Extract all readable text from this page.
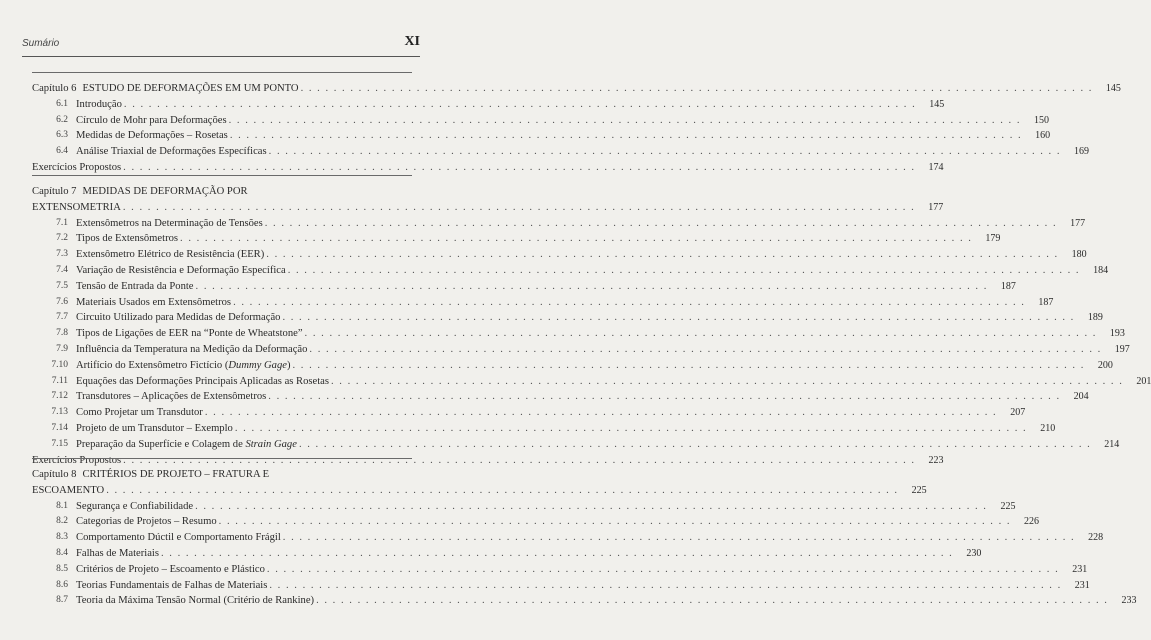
Sumário	XI
Capítulo 6 ESTUDO DE DEFORMAÇÕES EM UM PONTO . . . . . . . . . . . . . . . . . . . . . . . . . . . . . . . . . . . . . . . . . . . . . . . . . . . . . . . . . . . . . . . . . . . . . . . . . . . . . . . . . . . . . . . . . . . . . . . .	145
6.1 Introdução . . . . . . . . . . . . . . . . . . . . . . . . . . . . . . . . . . . . . . . . . . . . . . . . . . . . . . . . . . . . . . . . . . . . . . . . . . . . . . . . . . . . . . . . . . . . . . . .	145
6.2 Círculo de Mohr para Deformações . . . . . . . . . . . . . . . . . . . . . . . . . . . . . . . . . . . . . . . . . . . . . . . . . . . . . . . . . . . . . . . . . . . . . . . . . . . . . . . . . . . . . . . . . . . . . . . .	150
6.3 Medidas de Deformações – Rosetas . . . . . . . . . . . . . . . . . . . . . . . . . . . . . . . . . . . . . . . . . . . . . . . . . . . . . . . . . . . . . . . . . . . . . . . . . . . . . . . . . . . . . . . . . . . . . . . .	160
6.4 Análise Triaxial de Deformações Específicas . . . . . . . . . . . . . . . . . . . . . . . . . . . . . . . . . . . . . . . . . . . . . . . . . . . . . . . . . . . . . . . . . . . . . . . . . . . . . . . . . . . . . . . . . . . . . . . .	169
Exercícios Propostos . . . . . . . . . . . . . . . . . . . . . . . . . . . . . . . . . . . . . . . . . . . . . . . . . . . . . . . . . . . . . . . . . . . . . . . . . . . . . . . . . . . . . . . . . . . . . . . .	174
Capítulo 7 MEDIDAS DE DEFORMAÇÃO POR
EXTENSOMETRIA . . . . . . . . . . . . . . . . . . . . . . . . . . . . . . . . . . . . . . . . . . . . . . . . . . . . . . . . . . . . . . . . . . . . . . . . . . . . . . . . . . . . . . . . . . . . . . . .	177
7.1 Extensômetros na Determinação de Tensões . . . . . . . . . . . . . . . . . . . . . . . . . . . . . . . . . . . . . . . . . . . . . . . . . . . . . . . . . . . . . . . . . . . . . . . . . . . . . . . . . . . . . . . . . . . . . . . .	177
7.2 Tipos de Extensômetros . . . . . . . . . . . . . . . . . . . . . . . . . . . . . . . . . . . . . . . . . . . . . . . . . . . . . . . . . . . . . . . . . . . . . . . . . . . . . . . . . . . . . . . . . . . . . . . .	179
7.3 Extensômetro Elétrico de Resistência (EER) . . . . . . . . . . . . . . . . . . . . . . . . . . . . . . . . . . . . . . . . . . . . . . . . . . . . . . . . . . . . . . . . . . . . . . . . . . . . . . . . . . . . . . . . . . . . . . . .	180
7.4 Variação de Resistência e Deformação Específica . . . . . . . . . . . . . . . . . . . . . . . . . . . . . . . . . . . . . . . . . . . . . . . . . . . . . . . . . . . . . . . . . . . . . . . . . . . . . . . . . . . . . . . . . . . . . . . .	184
7.5 Tensão de Entrada da Ponte . . . . . . . . . . . . . . . . . . . . . . . . . . . . . . . . . . . . . . . . . . . . . . . . . . . . . . . . . . . . . . . . . . . . . . . . . . . . . . . . . . . . . . . . . . . . . . . .	187
7.6 Materiais Usados em Extensômetros . . . . . . . . . . . . . . . . . . . . . . . . . . . . . . . . . . . . . . . . . . . . . . . . . . . . . . . . . . . . . . . . . . . . . . . . . . . . . . . . . . . . . . . . . . . . . . . .	187
7.7 Circuito Utilizado para Medidas de Deformação . . . . . . . . . . . . . . . . . . . . . . . . . . . . . . . . . . . . . . . . . . . . . . . . . . . . . . . . . . . . . . . . . . . . . . . . . . . . . . . . . . . . . . . . . . . . . . . .	189
7.8 Tipos de Ligações de EER na “Ponte de Wheatstone” . . . . . . . . . . . . . . . . . . . . . . . . . . . . . . . . . . . . . . . . . . . . . . . . . . . . . . . . . . . . . . . . . . . . . . . . . . . . . . . . . . . . . . . . . . . . . . . .	193
7.9 Influência da Temperatura na Medição da Deformação . . . . . . . . . . . . . . . . . . . . . . . . . . . . . . . . . . . . . . . . . . . . . . . . . . . . . . . . . . . . . . . . . . . . . . . . . . . . . . . . . . . . . . . . . . . . . . . .	197
7.10 Artifício do Extensômetro Fictício (Dummy Gage) . . . . . . . . . . . . . . . . . . . . . . . . . . . . . . . . . . . . . . . . . . . . . . . . . . . . . . . . . . . . . . . . . . . . . . . . . . . . . . . . . . . . . . . . . . . . . . . .	200
7.11 Equações das Deformações Principais Aplicadas as Rosetas . . . . . . . . . . . . . . . . . . . . . . . . . . . . . . . . . . . . . . . . . . . . . . . . . . . . . . . . . . . . . . . . . . . . . . . . . . . . . . . . . . . . . . . . . . . . . . . .	201
7.12 Transdutores – Aplicações de Extensômetros . . . . . . . . . . . . . . . . . . . . . . . . . . . . . . . . . . . . . . . . . . . . . . . . . . . . . . . . . . . . . . . . . . . . . . . . . . . . . . . . . . . . . . . . . . . . . . . .	204
7.13 Como Projetar um Transdutor . . . . . . . . . . . . . . . . . . . . . . . . . . . . . . . . . . . . . . . . . . . . . . . . . . . . . . . . . . . . . . . . . . . . . . . . . . . . . . . . . . . . . . . . . . . . . . . .	207
7.14 Projeto de um Transdutor – Exemplo . . . . . . . . . . . . . . . . . . . . . . . . . . . . . . . . . . . . . . . . . . . . . . . . . . . . . . . . . . . . . . . . . . . . . . . . . . . . . . . . . . . . . . . . . . . . . . . .	210
7.15 Preparação da Superfície e Colagem de Strain Gage . . . . . . . . . . . . . . . . . . . . . . . . . . . . . . . . . . . . . . . . . . . . . . . . . . . . . . . . . . . . . . . . . . . . . . . . . . . . . . . . . . . . . . . . . . . . . . . .	214
Exercícios Propostos . . . . . . . . . . . . . . . . . . . . . . . . . . . . . . . . . . . . . . . . . . . . . . . . . . . . . . . . . . . . . . . . . . . . . . . . . . . . . . . . . . . . . . . . . . . . . . . .	223
Capítulo 8 CRITÉRIOS DE PROJETO – FRATURA E
ESCOAMENTO . . . . . . . . . . . . . . . . . . . . . . . . . . . . . . . . . . . . . . . . . . . . . . . . . . . . . . . . . . . . . . . . . . . . . . . . . . . . . . . . . . . . . . . . . . . . . . . .	225
8.1 Segurança e Confiabilidade . . . . . . . . . . . . . . . . . . . . . . . . . . . . . . . . . . . . . . . . . . . . . . . . . . . . . . . . . . . . . . . . . . . . . . . . . . . . . . . . . . . . . . . . . . . . . . . .	225
8.2 Categorias de Projetos – Resumo . . . . . . . . . . . . . . . . . . . . . . . . . . . . . . . . . . . . . . . . . . . . . . . . . . . . . . . . . . . . . . . . . . . . . . . . . . . . . . . . . . . . . . . . . . . . . . . .	226
8.3 Comportamento Dúctil e Comportamento Frágil . . . . . . . . . . . . . . . . . . . . . . . . . . . . . . . . . . . . . . . . . . . . . . . . . . . . . . . . . . . . . . . . . . . . . . . . . . . . . . . . . . . . . . . . . . . . . . . .	228
8.4 Falhas de Materiais . . . . . . . . . . . . . . . . . . . . . . . . . . . . . . . . . . . . . . . . . . . . . . . . . . . . . . . . . . . . . . . . . . . . . . . . . . . . . . . . . . . . . . . . . . . . . . . .	230
8.5 Critérios de Projeto – Escoamento e Plástico . . . . . . . . . . . . . . . . . . . . . . . . . . . . . . . . . . . . . . . . . . . . . . . . . . . . . . . . . . . . . . . . . . . . . . . . . . . . . . . . . . . . . . . . . . . . . . . .	231
8.6 Teorias Fundamentais de Falhas de Materiais . . . . . . . . . . . . . . . . . . . . . . . . . . . . . . . . . . . . . . . . . . . . . . . . . . . . . . . . . . . . . . . . . . . . . . . . . . . . . . . . . . . . . . . . . . . . . . . .	231
8.7 Teoria da Máxima Tensão Normal (Critério de Rankine) . . . . . . . . . . . . . . . . . . . . . . . . . . . . . . . . . . . . . . . . . . . . . . . . . . . . . . . . . . . . . . . . . . . . . . . . . . . . . . . . . . . . . . . . . . . . . . . .	233
